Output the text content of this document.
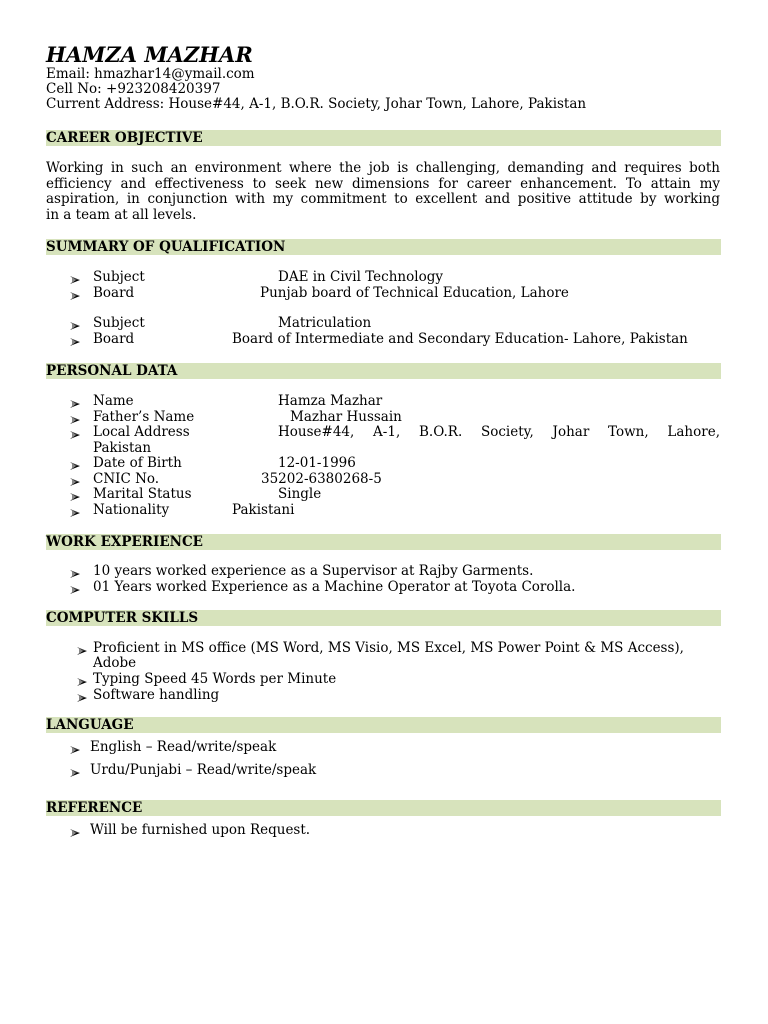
HAMZA MAZHAR
Email: hmazhar14@ymail.com
Cell No: +923208420397
Current Address: House#44, A-1, B.O.R. Society, Johar Town, Lahore, Pakistan
CAREER OBJECTIVE
Working in such an environment where the job is challenging, demanding and requires both
efficiency and effectiveness to seek new dimensions for career enhancement. To attain my
aspiration, in conjunction with my commitment to excellent and positive attitude by working
in a team at all levels.
SUMMARY OF QUALIFICATION
Subject	DAE in Civil Technology
Board	Punjab board of Technical Education, Lahore
Subject	Matriculation
Board	Board of Intermediate and Secondary Education- Lahore, Pakistan
PERSONAL DATA
Name	Hamza Mazhar
Father’s Name	Mazhar Hussain
Local Address	House#44, A-1, B.O.R. Society, Johar Town, Lahore,
Pakistan
Date of Birth	12-01-1996
CNIC No.	35202-6380268-5
Marital Status	Single
Nationality	Pakistani
WORK EXPERIENCE
10 years worked experience as a Supervisor at Rajby Garments.
01 Years worked Experience as a Machine Operator at Toyota Corolla.
COMPUTER SKILLS
Proficient in MS office (MS Word, MS Visio, MS Excel, MS Power Point & MS Access),
Adobe
Typing Speed 45 Words per Minute
Software handling
LANGUAGE
English – Read/write/speak
Urdu/Punjabi – Read/write/speak
REFERENCE
Will be furnished upon Request.
